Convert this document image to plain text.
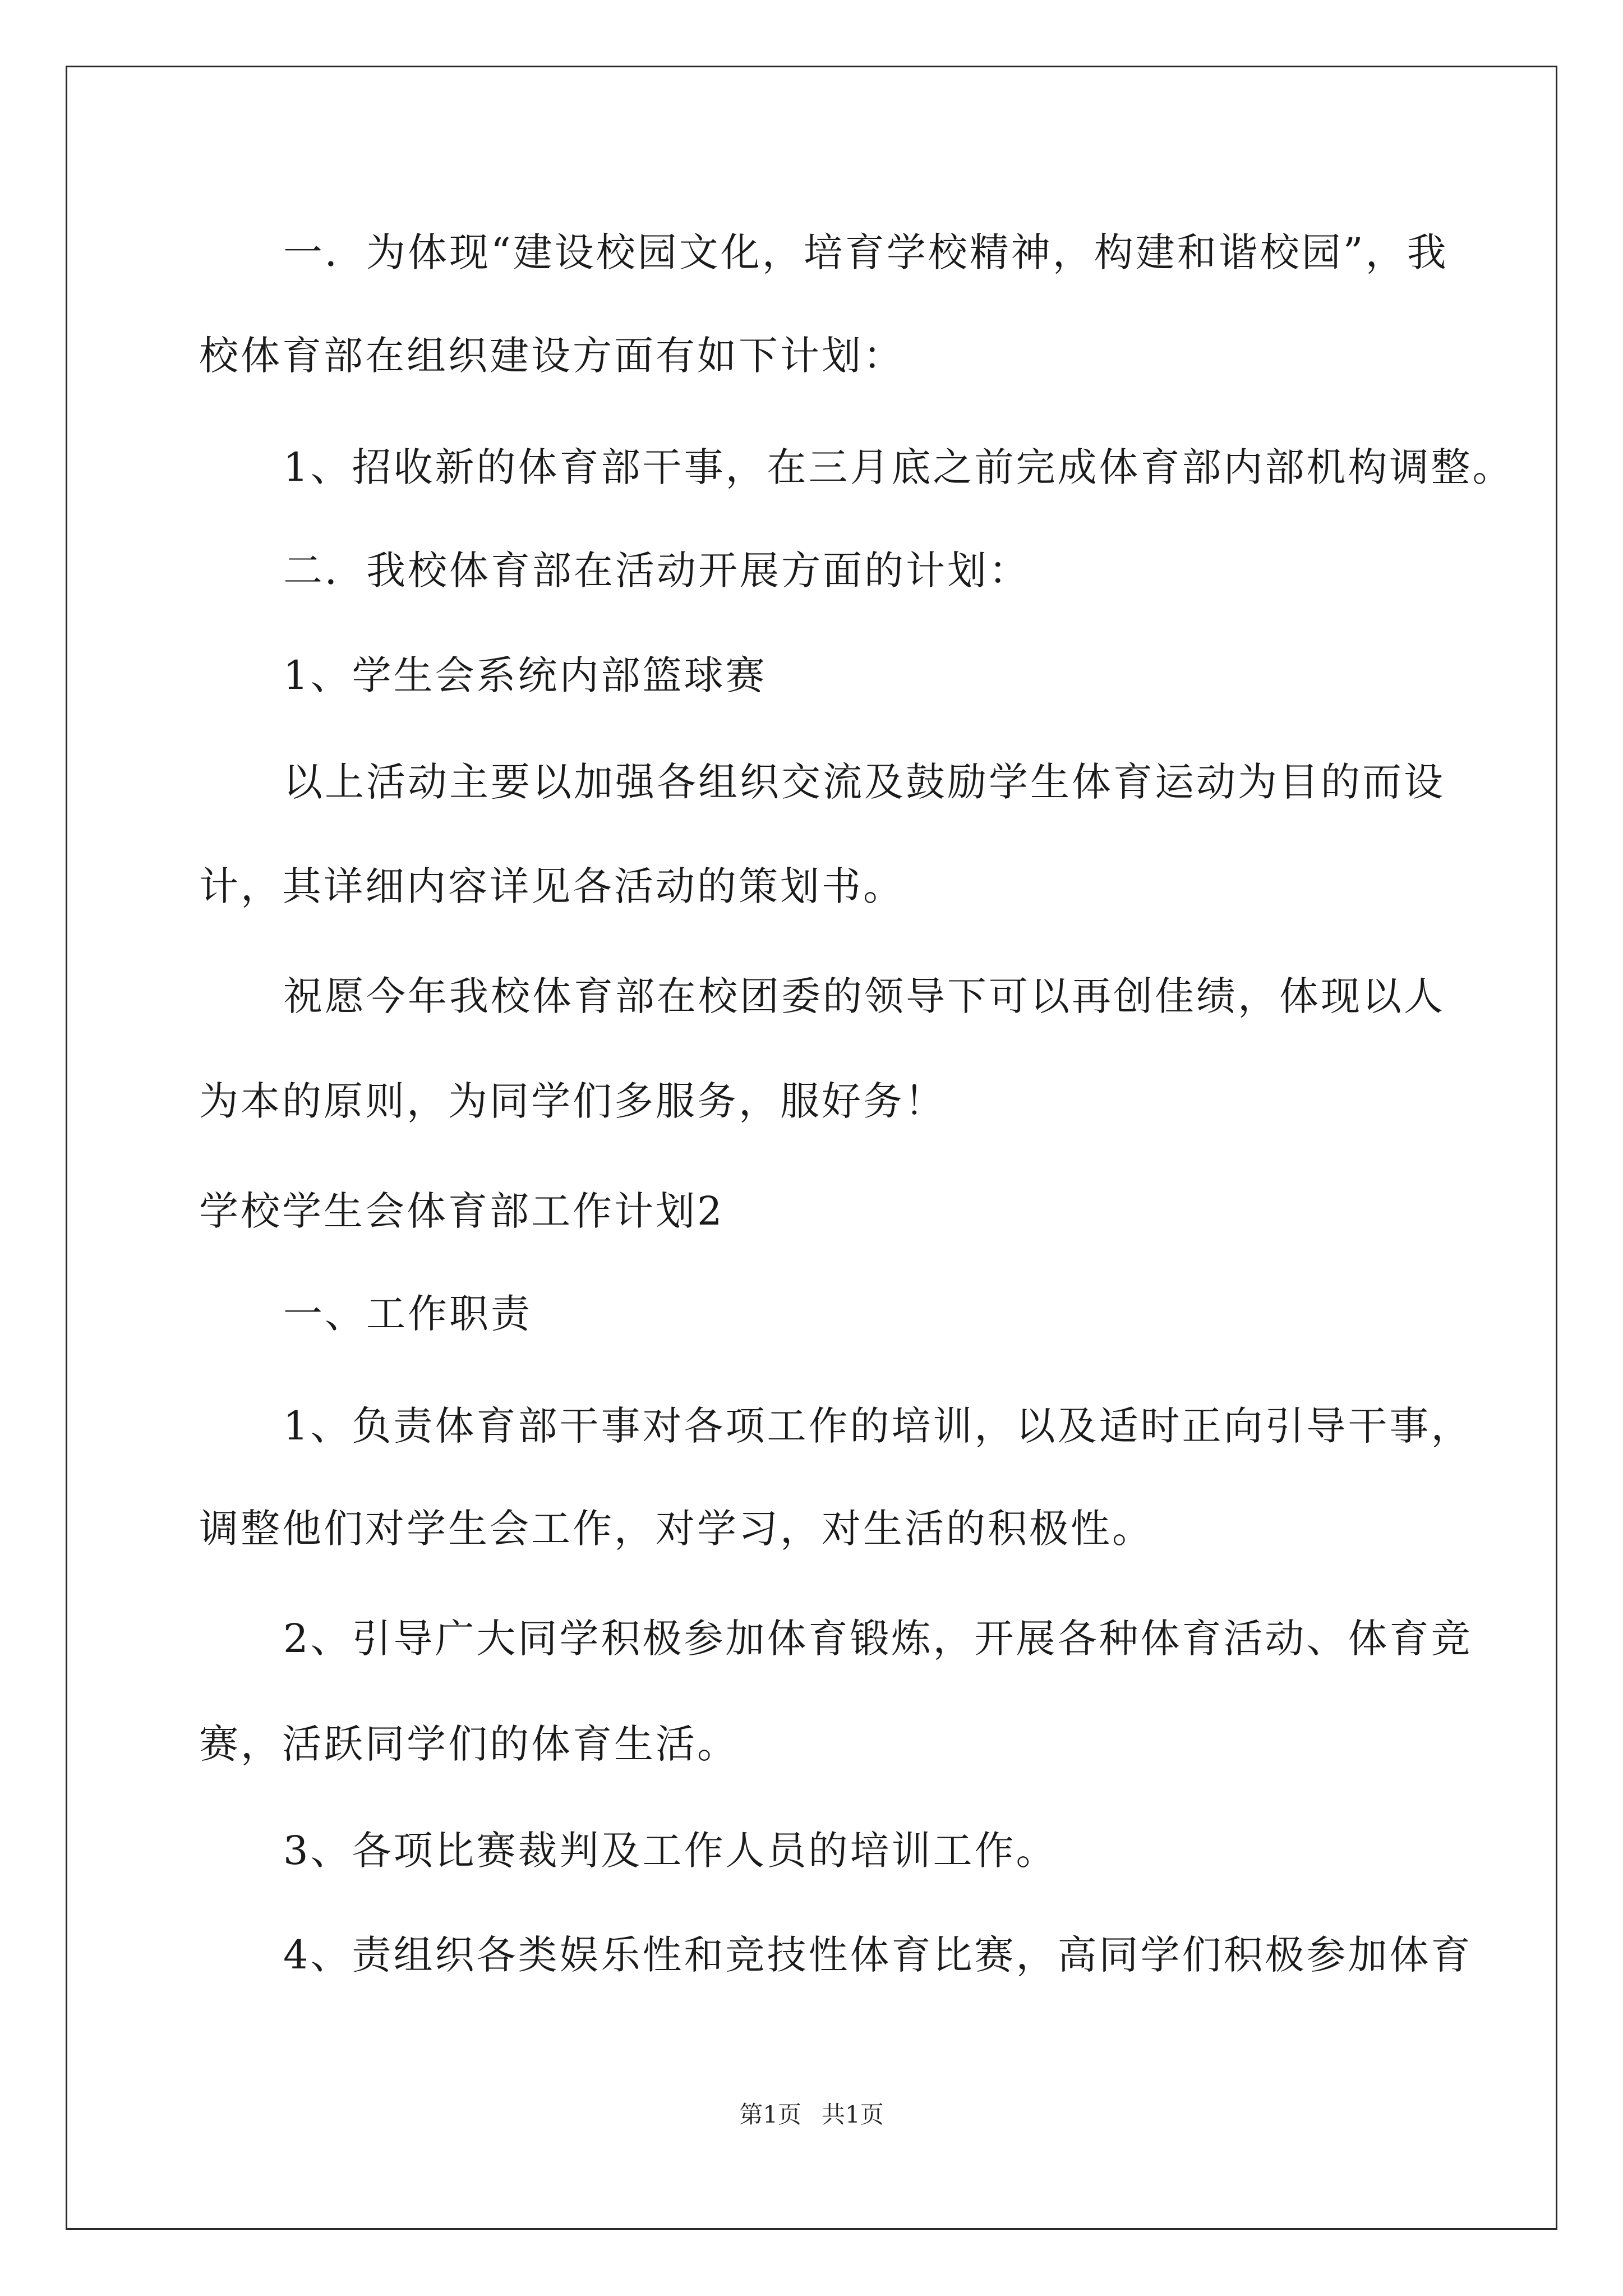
一．为体现“建设校园文化，培育学校精神，构建和谐校园”，我

校体育部在组织建设方面有如下计划：

1、招收新的体育部干事，在三月底之前完成体育部内部机构调整。

二．我校体育部在活动开展方面的计划：

1、学生会系统内部篮球赛

以上活动主要以加强各组织交流及鼓励学生体育运动为目的而设

计，其详细内容详见各活动的策划书。

祝愿今年我校体育部在校团委的领导下可以再创佳绩，体现以人

为本的原则，为同学们多服务，服好务！

学校学生会体育部工作计划2

一、工作职责

1、负责体育部干事对各项工作的培训，以及适时正向引导干事，

调整他们对学生会工作，对学习，对生活的积极性。

2、引导广大同学积极参加体育锻炼，开展各种体育活动、体育竞

赛，活跃同学们的体育生活。

3、各项比赛裁判及工作人员的培训工作。

4、责组织各类娱乐性和竞技性体育比赛，高同学们积极参加体育

第1页 共1页
